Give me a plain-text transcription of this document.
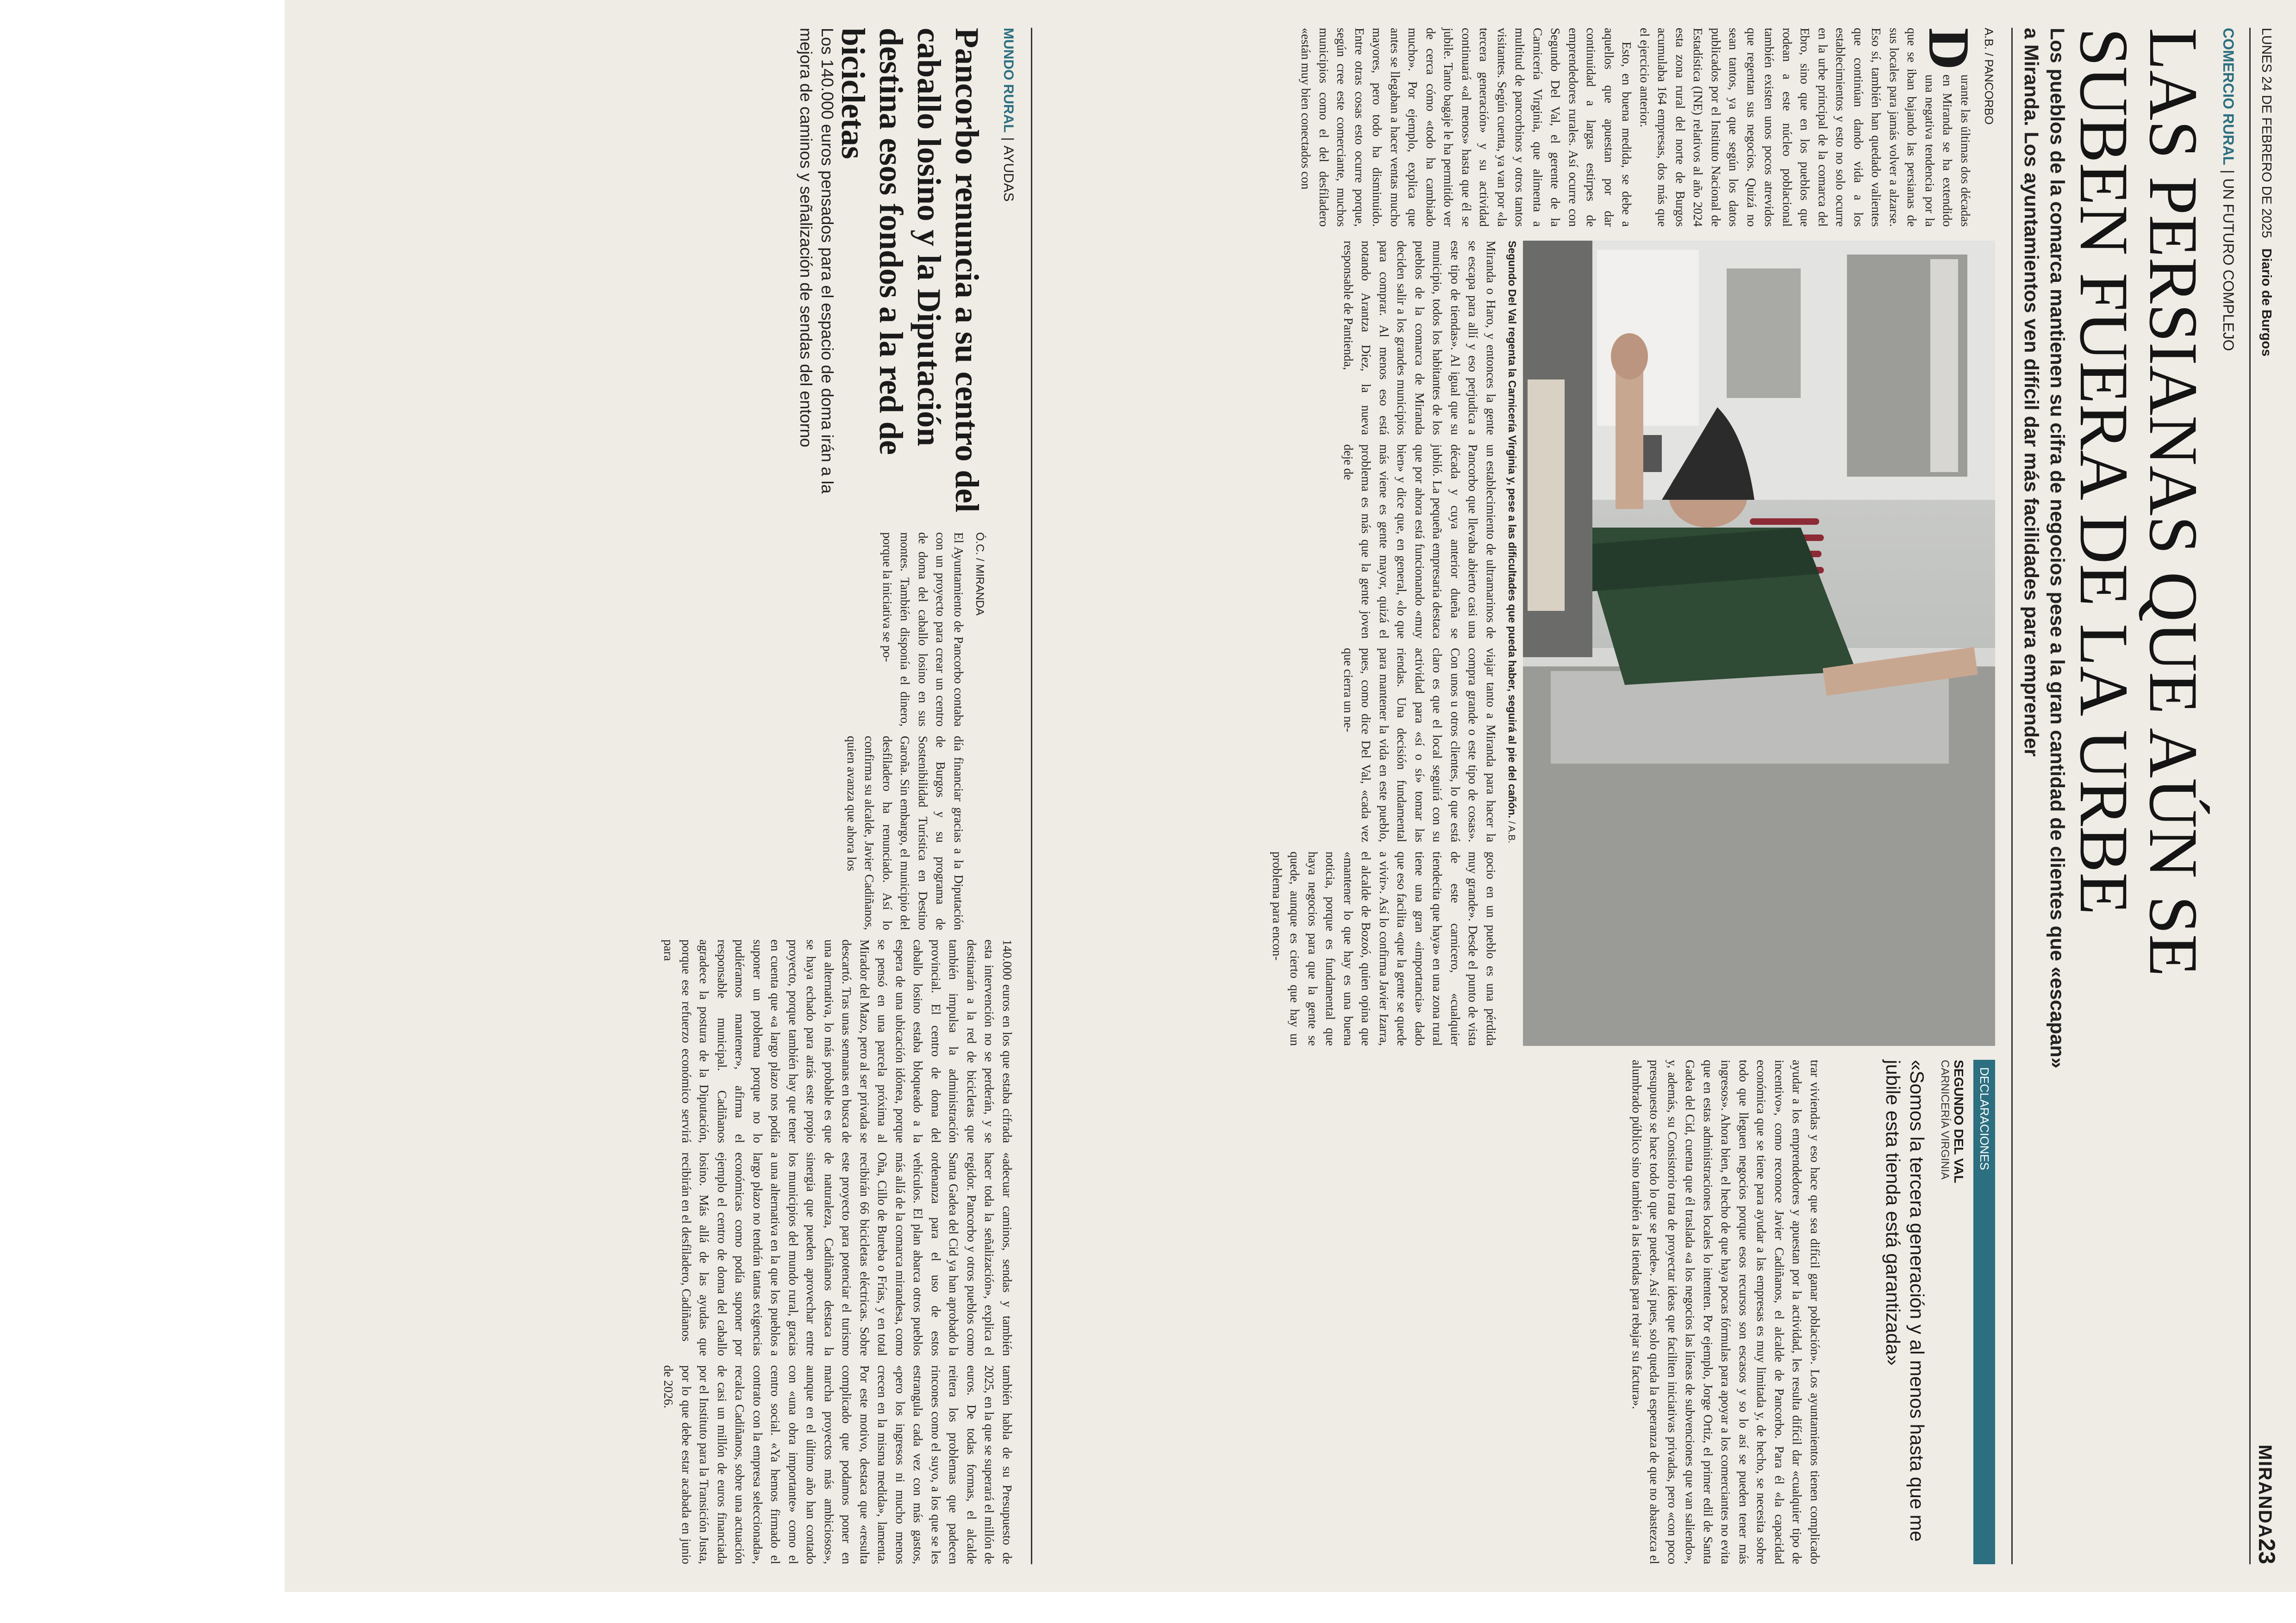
LUNES 24 DE FEBRERO DE 2025 Diario de Burgos
MIRANDA23
COMERCIO RURAL|UN FUTURO COMPLEJO
LAS PERSIANAS QUE AÚN SE SUBEN FUERA DE LA URBE
Los pueblos de la comarca mantienen su cifra de negocios pese a la gran cantidad de clientes que «escapan» a Miranda. Los ayuntamientos ven difícil dar más facilidades para emprender
A.B. / PANCORBO

D
urante las últimas dos décadas en Miranda se ha extendido una negativa tendencia por la que se iban bajando las persianas de sus locales para jamás volver a alzarse. Eso sí, también han quedado valientes que continúan dando vida a los establecimientos y esto no solo ocurre en la urbe principal de la comarca del Ebro, sino que en los pueblos que rodean a este núcleo poblacional también existen unos pocos atrevidos que regentan sus negocios. Quizá no sean tantos, ya que según los datos publicados por el Instituto Nacional de Estadística (INE) relativos al año 2024 esta zona rural del norte de Burgos acumulaba 164 empresas, dos más que el ejercicio anterior.

Esto, en buena medida, se debe a aquellos que apuestan por dar continuidad a largas estirpes de emprendedores rurales. Así ocurre con Segundo Del Val, el gerente de la Carnicería Virginia, que alimenta a multitud de pancorbinos y otros tantos visitantes. Según cuenta, ya van por «la tercera generación» y su actividad continuará «al menos» hasta que él se jubile. Tanto bagaje le ha permitido ver de cerca cómo «todo ha cambiado mucho». Por ejemplo, explica que antes se llegaban a hacer ventas mucho mayores, pero todo ha disminuido. Entre otras cosas esto ocurre porque, según cree este comerciante, muchos municipios como el del desfiladero «están muy bien conectados con

Segundo Del Val regenta la Carnicería Virginia y, pese a las dificultades que pueda haber, seguirá al pie del cañón. / A.B.

Miranda o Haro, y entonces la gente se escapa para allí y eso perjudica a este tipo de tiendas». Al igual que su municipio, todos los habitantes de los pueblos de la comarca de Miranda deciden salir a los grandes municipios para comprar. Al menos eso está notando Arantza Díez, la nueva responsable de Pantienda,

un establecimiento de ultramarinos de Pancorbo que llevaba abierto casi una década y cuya anterior dueña se jubiló. La pequeña empresaria destaca que por ahora está funcionando «muy bien» y dice que, en general, «lo que más viene es gente mayor, quizá el problema es más que la gente joven deje de

viajar tanto a Miranda para hacer la compra grande o este tipo de cosas». Con unos u otros clientes, lo que está claro es que el local seguirá con su actividad para «sí o sí» tomar las riendas. Una decisión fundamental para mantener la vida en este pueblo, pues, como dice Del Val, «cada vez que cierra un ne-

gocio en un pueblo es una pérdida muy grande». Desde el punto de vista de este carnicero, «cualquier tiendecita que haya» en una zona rural tiene una gran «importancia» dado que eso facilita «que la gente se quede a vivir». Así lo confirma Javier Izarra, el alcalde de Bozoó, quien opina que «mantener lo que hay es una buena noticia, porque es fundamental que haya negocios para que la gente se quede, aunque es cierto que hay un problema para encon-

DECLARACIONES
SEGUNDO DEL VAL
CARNICERÍA VIRGINIA
«Somos la tercera generación y al menos hasta que me jubile esta tienda está garantizada»

trar viviendas y eso hace que sea difícil ganar población». Los ayuntamientos tienen complicado ayudar a los emprendedores y apuestan por la actividad, les resulta difícil dar «cualquier tipo de incentivo», como reconoce Javier Cadiñanos, el alcalde de Pancorbo. Para él «la capacidad económica que se tiene para ayudar a las empresas es muy limitada y, de hecho, se necesita sobre todo que lleguen negocios porque esos recursos son escasos y so lo así se pueden tener más ingresos». Ahora bien, el hecho de que haya pocas fórmulas para apoyar a los comerciantes no evita que en estas administraciones locales lo intenten. Por ejemplo, Jorge Ortiz, el primer edil de Santa Gadea del Cid, cuenta que él traslada «a los negocios las líneas de subvenciones que van saliendo», y, además, su Consistorio trata de proyectar ideas que faciliten iniciativas privadas, pero «con poco presupuesto se hace todo lo que se puede». Así pues, solo queda la esperanza de que no abastezca el alumbrado público sino también a las tiendas para rebajar su factura».

MUNDO RURAL|AYUDAS
Pancorbo renuncia a su centro del caballo losino y la Diputación destina esos fondos a la red de bicicletas
Los 140.000 euros pensados para el espacio de doma irán a la mejora de caminos y señalización de sendas del entorno
Ó.C. / MIRANDA

El Ayuntamiento de Pancorbo contaba con un proyecto para crear un centro de doma del caballo losino en sus montes. También disponía el dinero, porque la iniciativa se po-

día financiar gracias a la Diputación de Burgos y su programa de Sostenibilidad Turística en Destino Garoña. Sin embargo, el municipio del desfiladero ha renunciado. Así lo confirma su alcalde, Javier Cadiñanos, quien avanza que ahora los

140.000 euros en los que estaba cifrada esta intervención no se perderán, y se destinarán a la red de bicicletas que también impulsa la administración provincial. El centro de doma del caballo losino estaba bloqueado a la espera de una ubicación idónea, porque se pensó en una parcela próxima al Mirador del Mazo, pero al ser privada se descartó. Tras unas semanas en busca de una alternativa, lo más probable es que se haya echado para atrás este propio proyecto, porque también hay que tener en cuenta que «a largo plazo nos podía suponer un problema porque no lo pudiéramos mantener», afirma el responsable municipal. Cadiñanos agradece la postura de la Diputación, porque ese refuerzo económico servirá para

«adecuar caminos, sendas y también hacer toda la señalización», explica el regidor. Pancorbo y otros pueblos como Santa Gadea del Cid ya han aprobado la ordenanza para el uso de estos vehículos. El plan abarca otros pueblos más allá de la comarca mirandesa, como Oña, Cillo de Bureba o Frías, y en total recibirán 66 bicicletas eléctricas. Sobre este proyecto para potenciar el turismo de naturaleza, Cadiñanos destaca la sinergia que pueden aprovechar entre los municipios del mundo rural, gracias a una alternativa en la que los pueblos a largo plazo no tendrán tantas exigencias económicas como podía suponer por ejemplo el centro de doma del caballo losino. Más allá de las ayudas que recibirán en el desfiladero, Cadiñanos

también habla de su Presupuesto de 2025, en la que se superará el millón de euros. De todas formas, el alcalde reitera los problemas que padecen rincones como el suyo, a los que se les estrangula cada vez con más gastos, «pero los ingresos ni mucho menos crecen en la misma medida», lamenta. Por este motivo, destaca que «resulta complicado que podamos poner en marcha proyectos más ambiciosos», aunque en el último año han contado con «una obra importante» como el centro social. «Ya hemos firmado el contrato con la empresa seleccionada», recalca Cadiñanos, sobre una actuación de casi un millón de euros financiada por el Instituto para la Transición Justa, por lo que debe estar acabada en junio de 2026.
